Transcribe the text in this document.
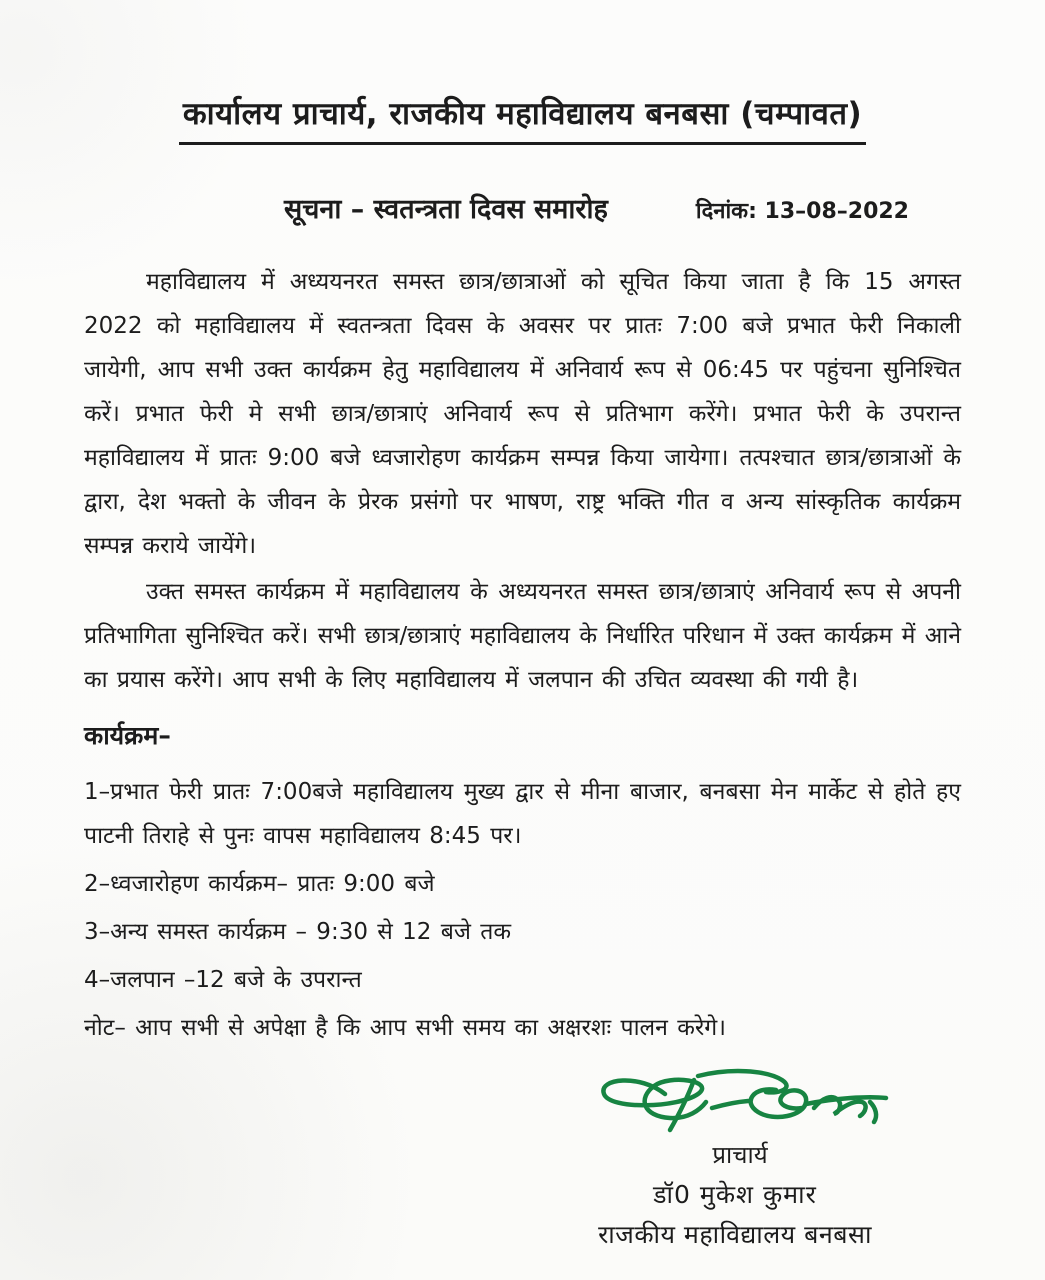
कार्यालय प्राचार्य, राजकीय महाविद्यालय बनबसा (चम्पावत)
सूचना – स्वतन्त्रता दिवस समारोह	दिनांक: 13–08–2022

महाविद्यालय में अध्ययनरत समस्त छात्र/छात्राओं को सूचित किया जाता है कि 15 अगस्त 2022 को महाविद्यालय में स्वतन्त्रता दिवस के अवसर पर प्रातः 7:00 बजे प्रभात फेरी निकाली जायेगी, आप सभी उक्त कार्यक्रम हेतु महाविद्यालय में अनिवार्य रूप से 06:45 पर पहुंचना सुनिश्चित करें। प्रभात फेरी मे सभी छात्र/छात्राएं अनिवार्य रूप से प्रतिभाग करेंगे। प्रभात फेरी के उपरान्त महाविद्यालय में प्रातः 9:00 बजे ध्वजारोहण कार्यक्रम सम्पन्न किया जायेगा। तत्पश्चात छात्र/छात्राओं के द्वारा, देश भक्तो के जीवन के प्रेरक प्रसंगो पर भाषण, राष्ट्र भक्ति गीत व अन्य सांस्कृतिक कार्यक्रम सम्पन्न कराये जायेंगे।

उक्त समस्त कार्यक्रम में महाविद्यालय के अध्ययनरत समस्त छात्र/छात्राएं अनिवार्य रूप से अपनी प्रतिभागिता सुनिश्चित करें। सभी छात्र/छात्राएं महाविद्यालय के निर्धारित परिधान में उक्त कार्यक्रम में आने का प्रयास करेंगे। आप सभी के लिए महाविद्यालय में जलपान की उचित व्यवस्था की गयी है।

कार्यक्रम–
1–प्रभात फेरी प्रातः 7:00बजे महाविद्यालय मुख्य द्वार से मीना बाजार, बनबसा मेन मार्केट से होते हए पाटनी तिराहे से पुनः वापस महाविद्यालय 8:45 पर।
2–ध्वजारोहण कार्यक्रम– प्रातः 9:00 बजे
3–अन्य समस्त कार्यक्रम – 9:30 से 12 बजे तक
4–जलपान –12 बजे के उपरान्त
नोट– आप सभी से अपेक्षा है कि आप सभी समय का अक्षरशः पालन करेगे।
प्राचार्य
डॉ0 मुकेश कुमार
राजकीय महाविद्यालय बनबसा
